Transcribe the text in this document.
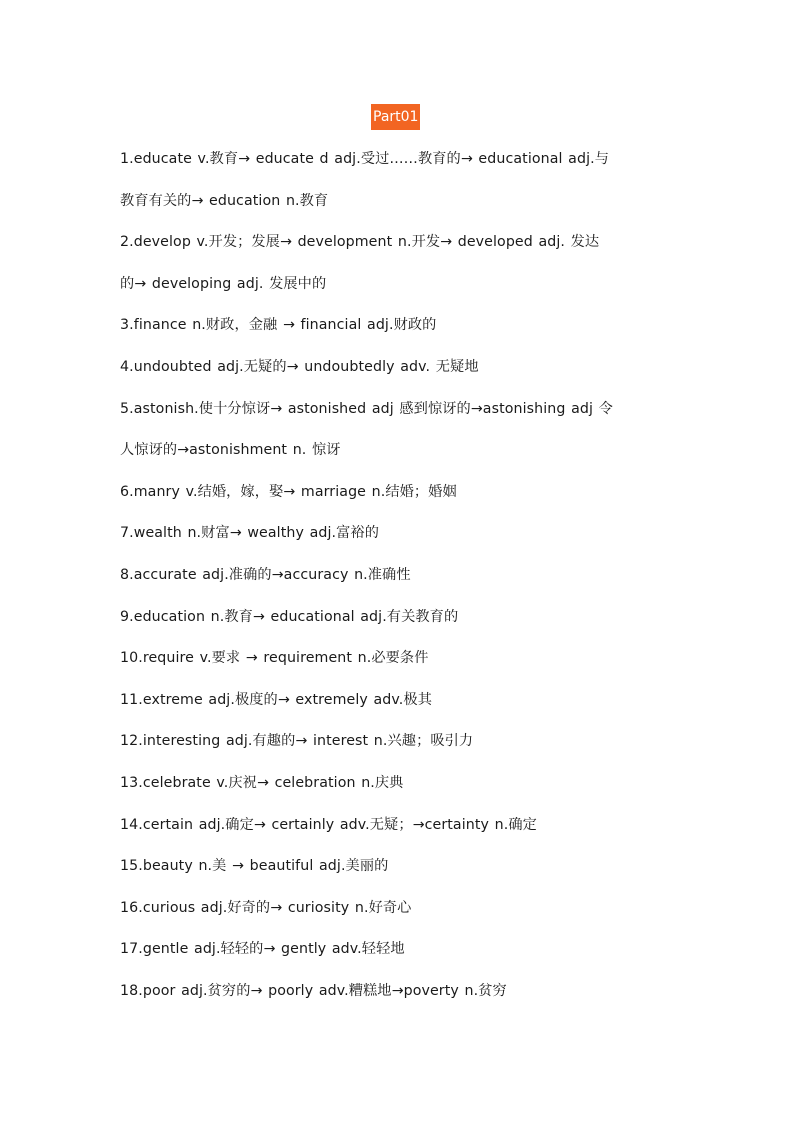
Part01
1.educate v.教育→ educate d adj.受过……教育的→ educational adj.与
教育有关的→ education n.教育
2.develop v.开发；发展→ development n.开发→ developed adj. 发达
的→ developing adj. 发展中的
3.finance n.财政，金融 → financial adj.财政的
4.undoubted adj.无疑的→ undoubtedly adv. 无疑地
5.astonish.使十分惊讶→ astonished adj 感到惊讶的→astonishing adj 令
人惊讶的→astonishment n. 惊讶
6.manry v.结婚，嫁，娶→ marriage n.结婚；婚姻
7.wealth n.财富→ wealthy adj.富裕的
8.accurate adj.准确的→accuracy n.准确性
9.education n.教育→ educational adj.有关教育的
10.require v.要求 → requirement n.必要条件
11.extreme adj.极度的→ extremely adv.极其
12.interesting adj.有趣的→ interest n.兴趣；吸引力
13.celebrate v.庆祝→ celebration n.庆典
14.certain adj.确定→ certainly adv.无疑；→certainty n.确定
15.beauty n.美 → beautiful adj.美丽的
16.curious adj.好奇的→ curiosity n.好奇心
17.gentle adj.轻轻的→ gently adv.轻轻地
18.poor adj.贫穷的→ poorly adv.糟糕地→poverty n.贫穷
